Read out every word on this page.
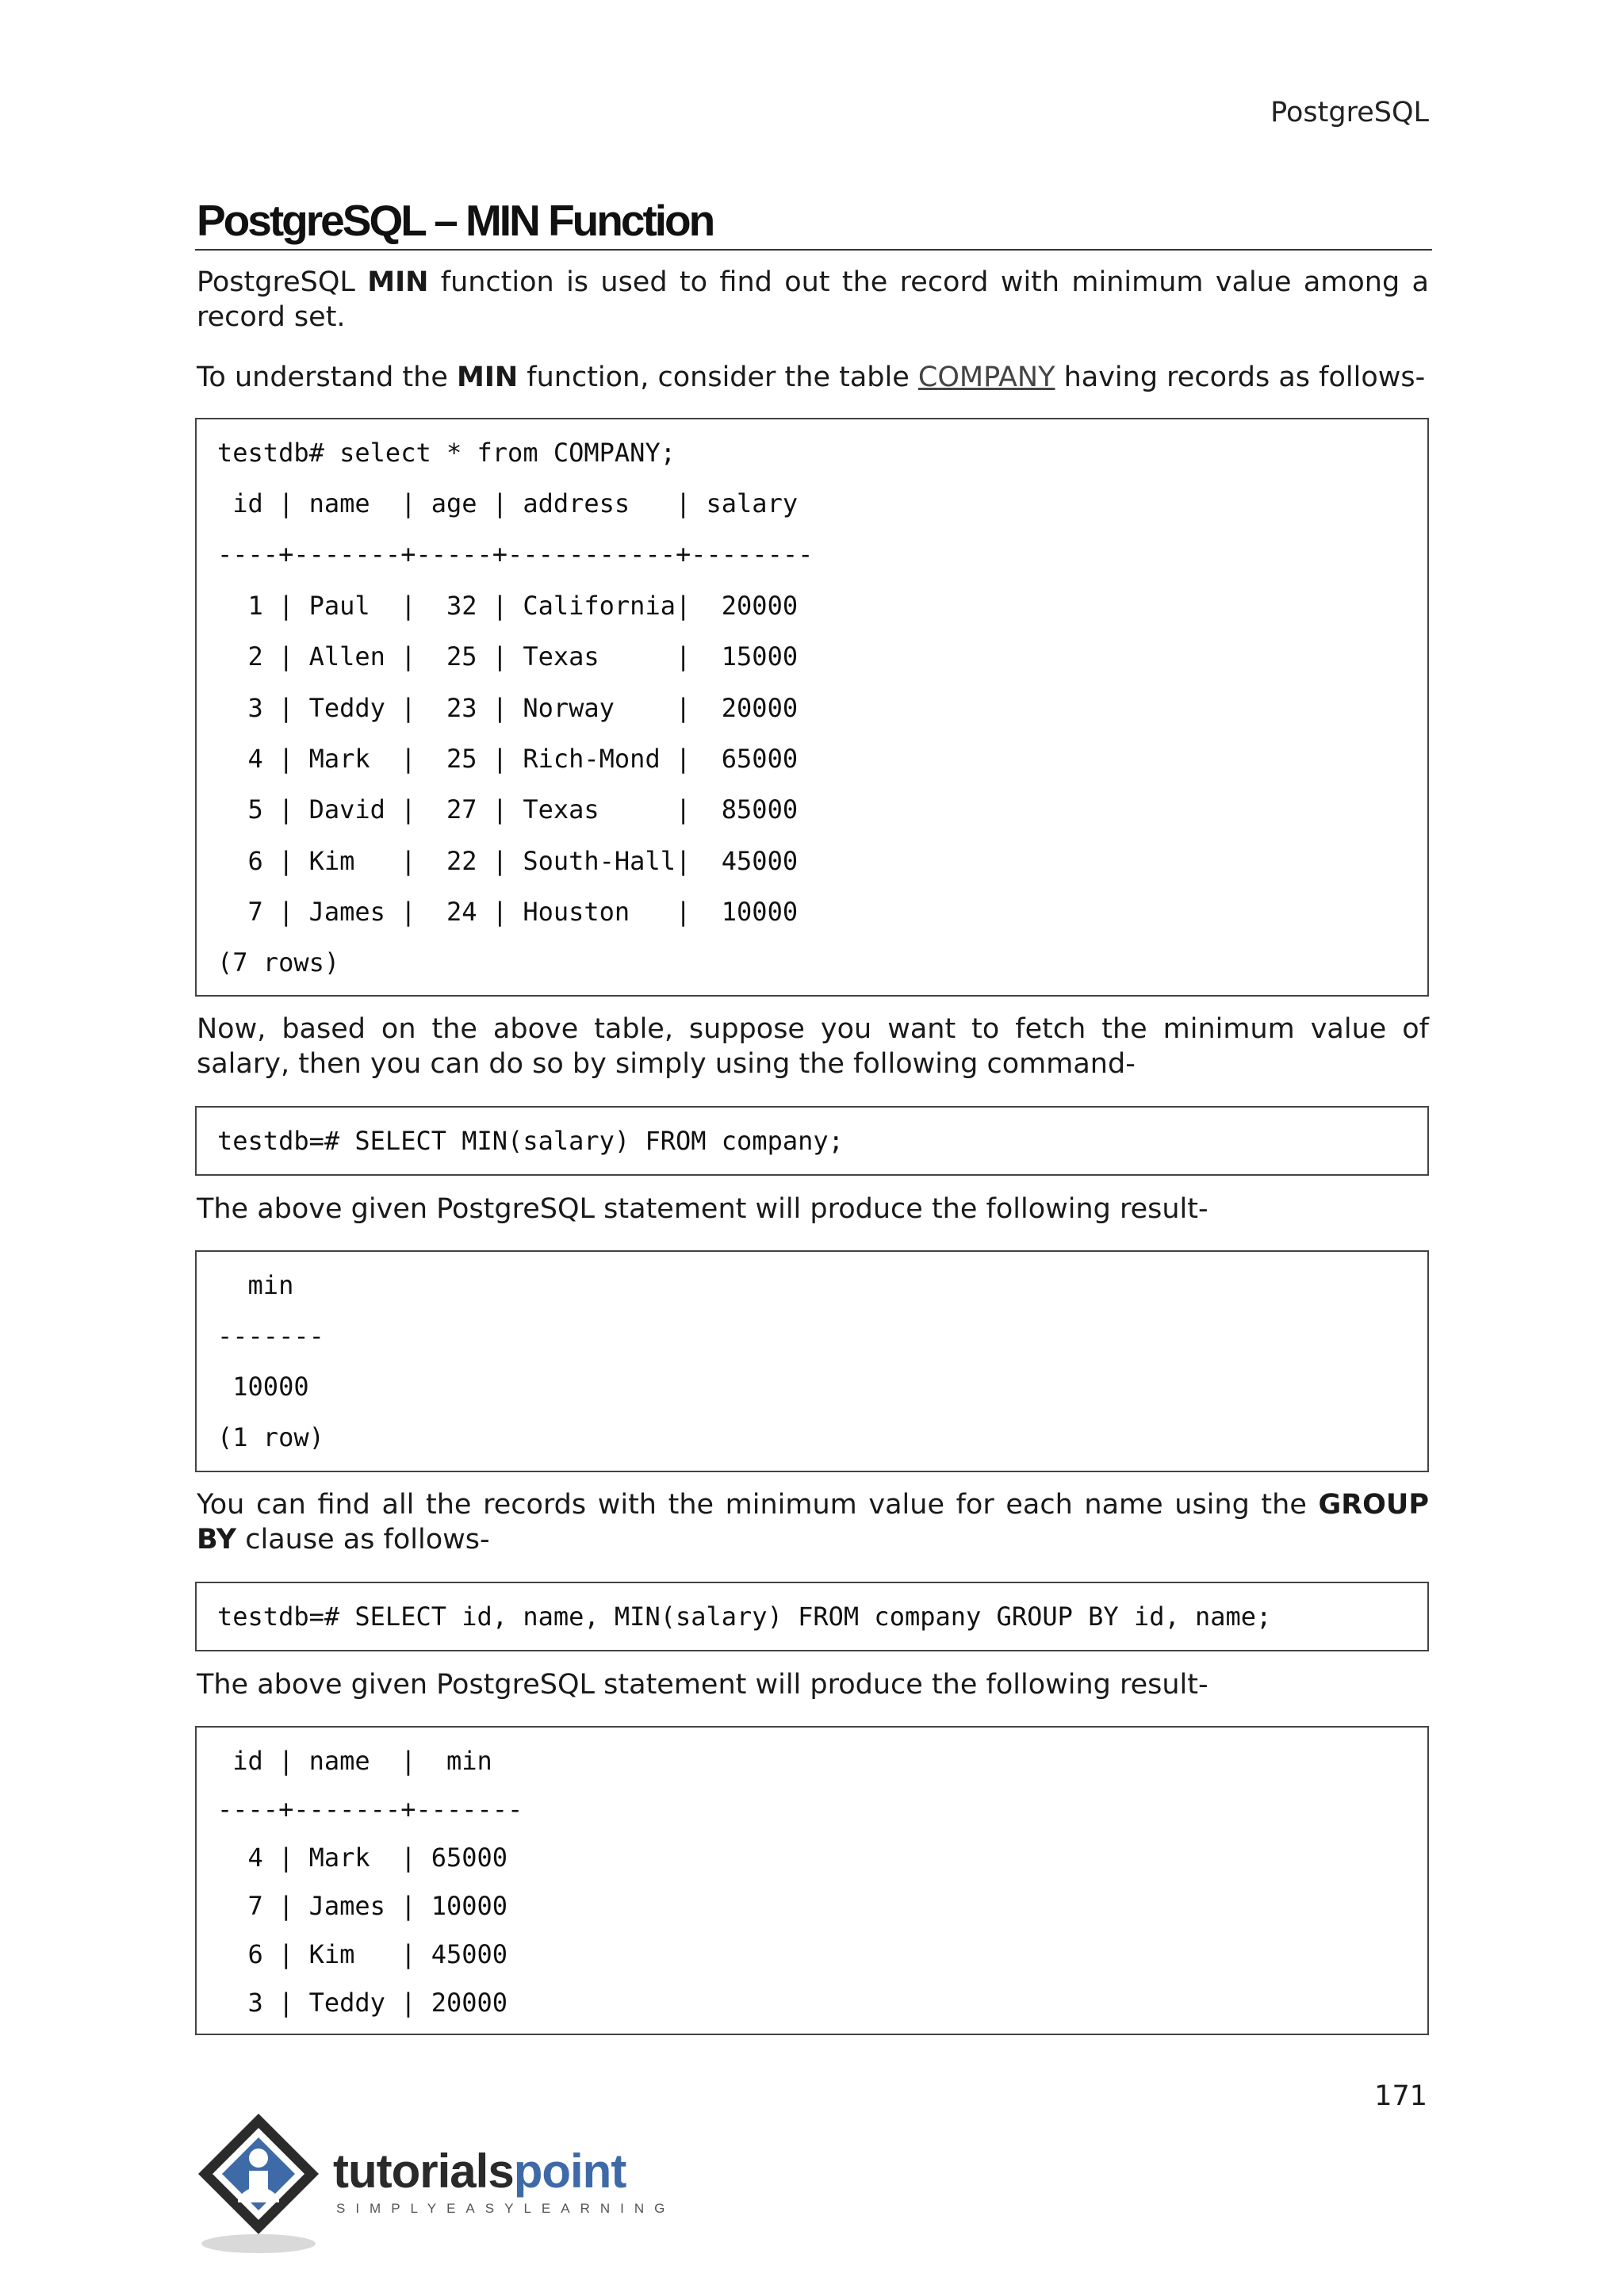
PostgreSQL
PostgreSQL – MIN Function

PostgreSQL MIN function is used to find out the record with minimum value among a record set.

To understand the MIN function, consider the table COMPANY having records as follows-

testdb# select * from COMPANY;
id | name  | age | address   | salary
----+-------+-----+-----------+--------
1 | Paul  |  32 | California|  20000
2 | Allen |  25 | Texas     |  15000
3 | Teddy |  23 | Norway    |  20000
4 | Mark  |  25 | Rich-Mond |  65000
5 | David |  27 | Texas     |  85000
6 | Kim   |  22 | South-Hall|  45000
7 | James |  24 | Houston   |  10000
(7 rows)

Now, based on the above table, suppose you want to fetch the minimum value of salary, then you can do so by simply using the following command-

testdb=# SELECT MIN(salary) FROM company;

The above given PostgreSQL statement will produce the following result-

min
-------
10000
(1 row)

You can find all the records with the minimum value for each name using the GROUP BY clause as follows-

testdb=# SELECT id, name, MIN(salary) FROM company GROUP BY id, name;

The above given PostgreSQL statement will produce the following result-

id | name  |  min
----+-------+-------
4 | Mark  | 65000
7 | James | 10000
6 | Kim   | 45000
3 | Teddy | 20000
171
tutorialspoint
SIMPLYEASYLEARNING
